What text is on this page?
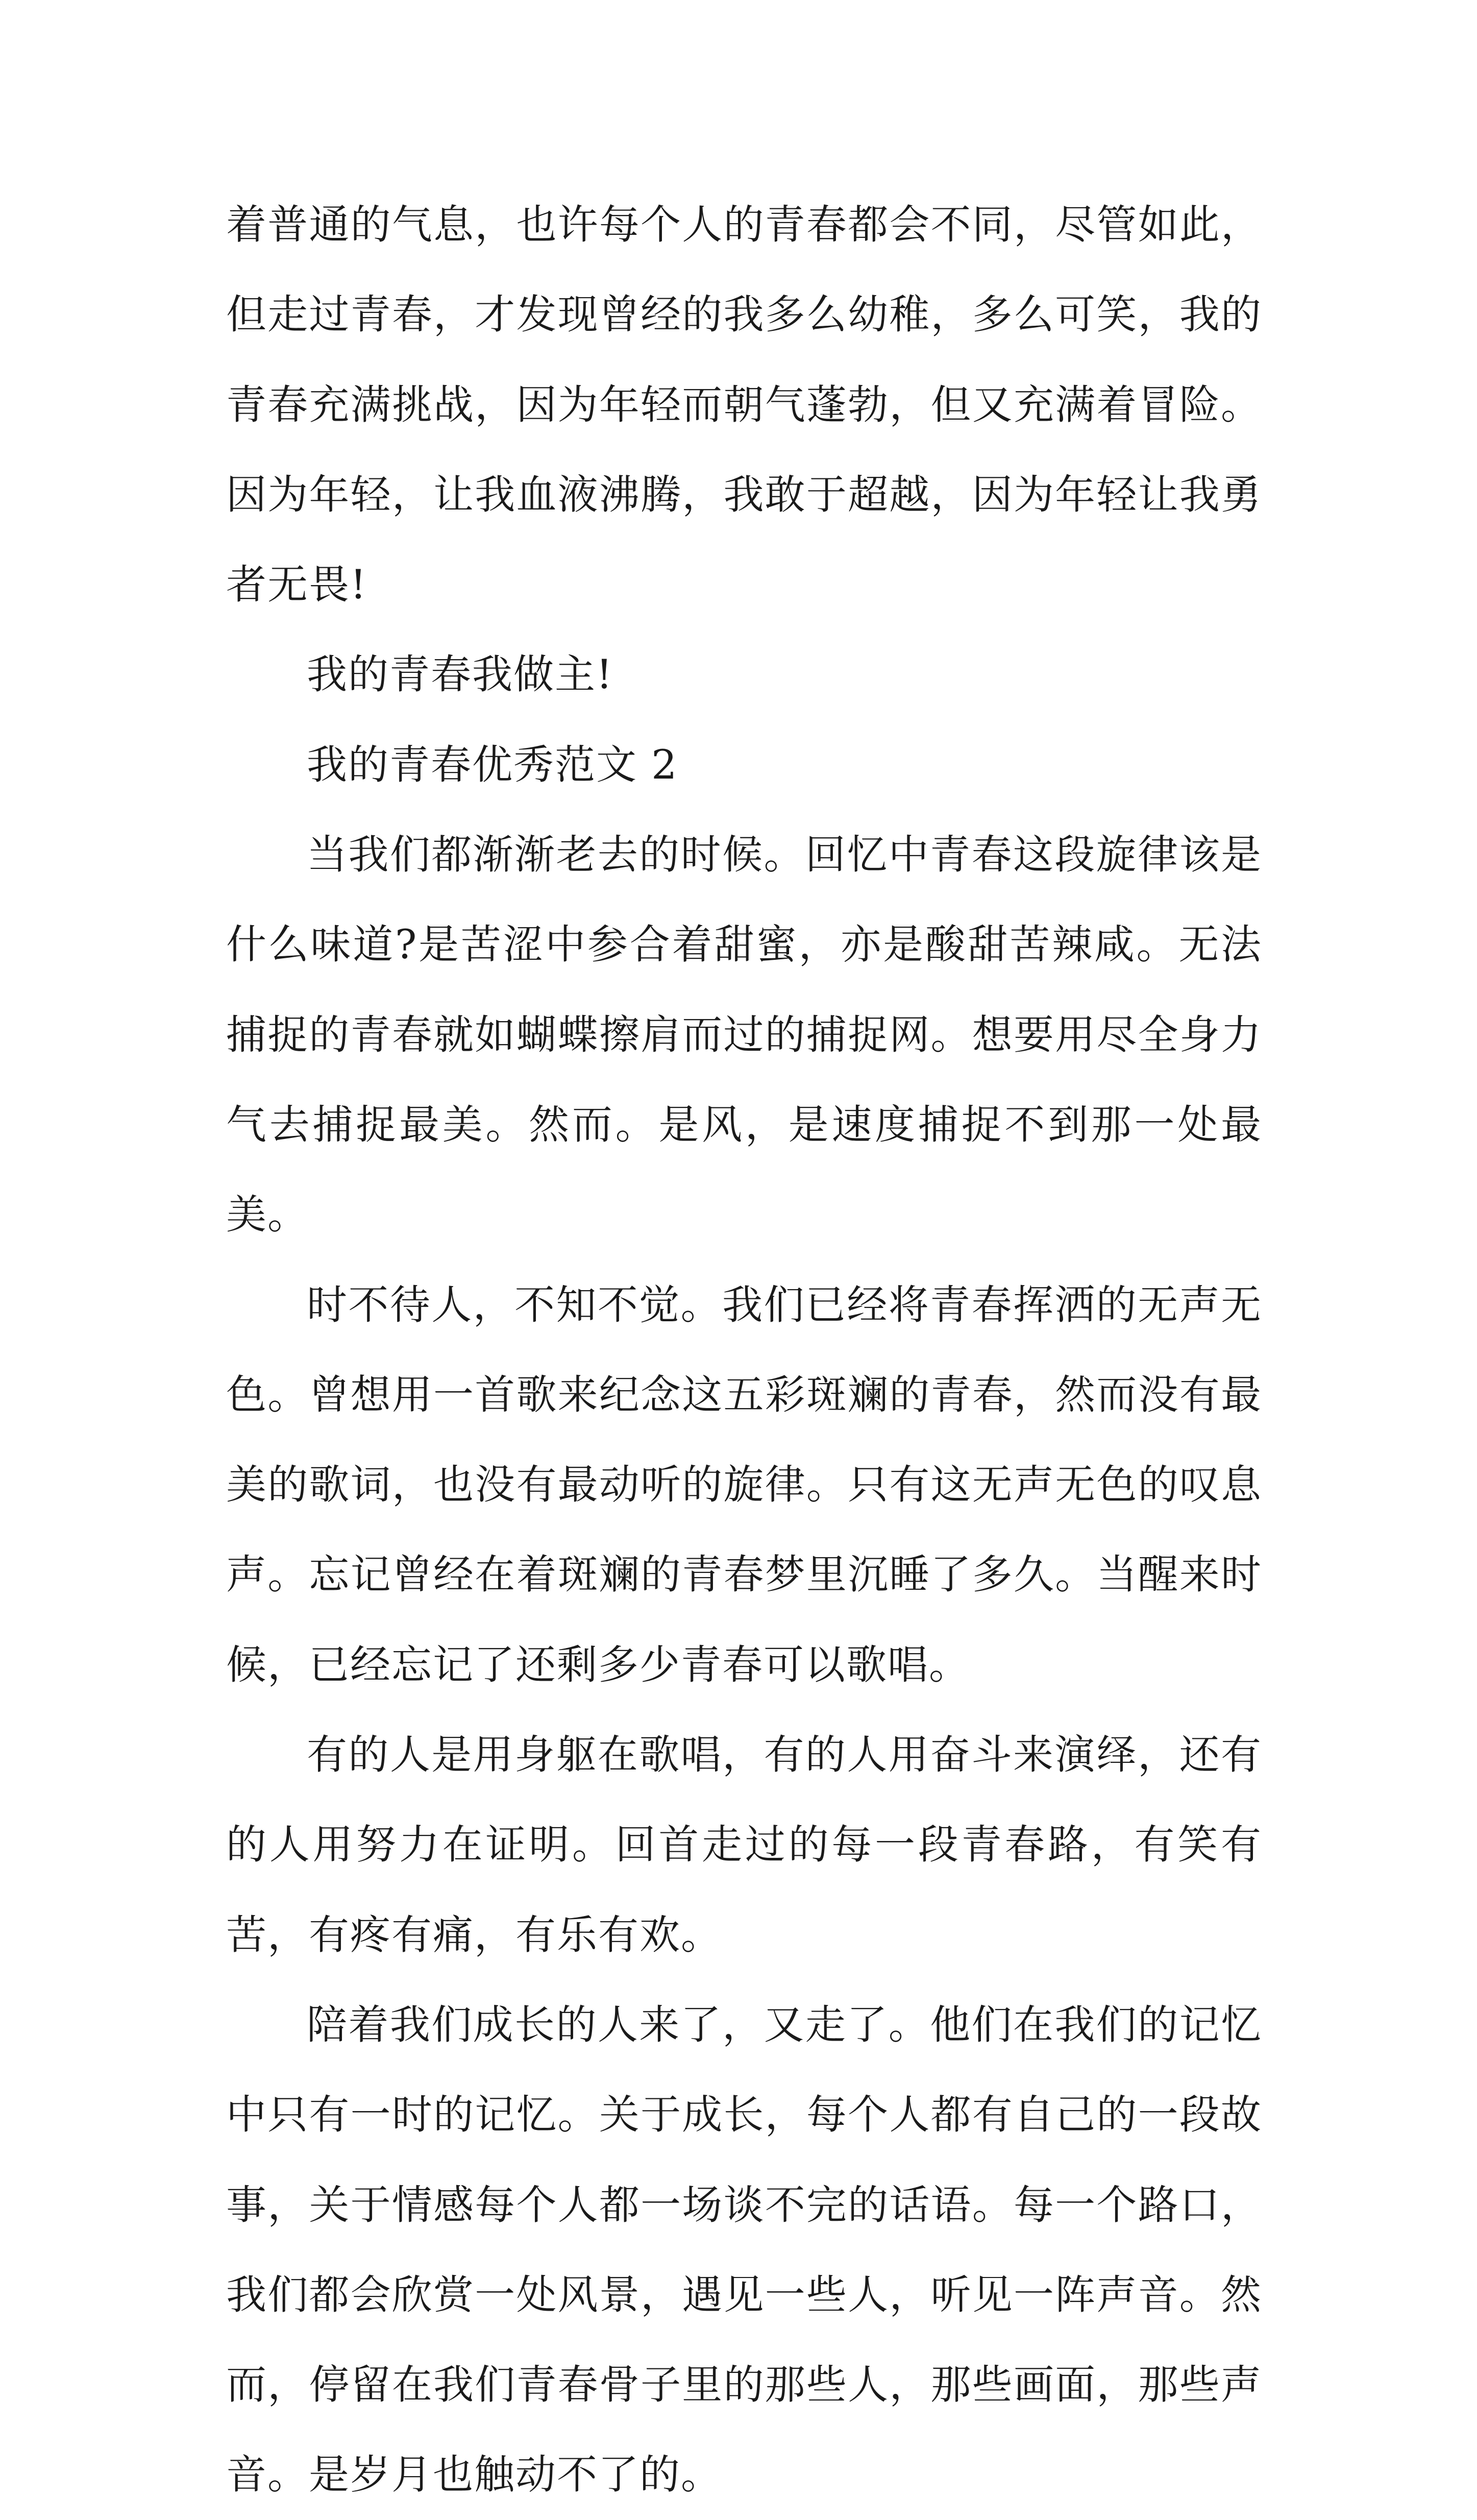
着普通的气息，也许每个人的青春都会不同，尽管如此，但走过青春，才发现曾经的我多么幼稚，多么可笑，我的青春充满挑战，因为年轻而朝气蓬勃，但又充满着冒险。因为年轻，让我血液沸腾，我敢于超越，因为年轻让我勇者无畏!

我的青春我做主!

我的青春优秀范文 2

当我们都渐渐老去的时候。回忆中青春这段旋律该是什么味道?是苦涩中参合着甜蜜，亦是酸甜苦辣咸。无法捕捉的青春就如蝴蝶擦肩而过的捕捉网。想要用尽全身力气去捕捉最美。然而。是风，是速度捕捉不到那一处最美。

时不待人，不知不觉。我们已经将青春挥洒的无声无色。曾想用一首歌来纪念这五彩斑斓的青春，然而没有最美的歌词，也没有最动听的旋律。只有这无声无色的叹息声。忘记曾经在着斑斓的青春梦里沉睡了多久。当醒来时候，已经忘记了还剩多少青春可以歌唱。

有的人是用身躯在歌唱，有的人用奋斗来演绎，还有的人用努力在证明。回首走过的每一段青春路，有笑有苦，有疼有痛，有乐有欢。

陪着我们成长的人来了，又走了。他们在我们的记忆中只有一时的记忆。关于成长，每个人都有自己的一段故事，关于情感每个人都一场谈不完的话语。每一个路口，我们都会欣赏一处风景，遇见一些人，听见一阵声音。然而，停留在我们青春骨子里的那些人，那些画面，那些声音。是岁月也触动不了的。
